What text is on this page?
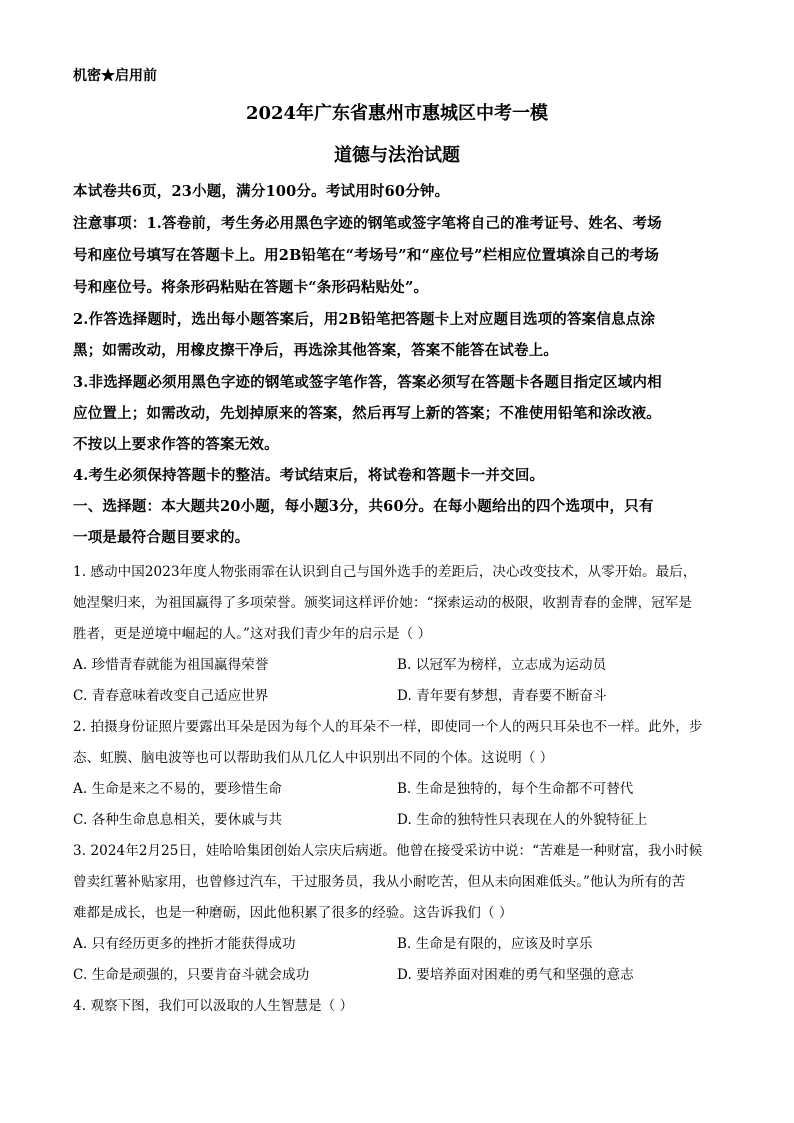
机密★启用前
2024年广东省惠州市惠城区中考一模
道德与法治试题
本试卷共6页，23小题，满分100分。考试用时60分钟。
注意事项：1.答卷前，考生务必用黑色字迹的钢笔或签字笔将自己的准考证号、姓名、考场
号和座位号填写在答题卡上。用2B铅笔在“考场号”和“座位号”栏相应位置填涂自己的考场
号和座位号。将条形码粘贴在答题卡“条形码粘贴处”。
2.作答选择题时，选出每小题答案后，用2B铅笔把答题卡上对应题目选项的答案信息点涂
黑；如需改动，用橡皮擦干净后，再选涂其他答案，答案不能答在试卷上。
3.非选择题必须用黑色字迹的钢笔或签字笔作答，答案必须写在答题卡各题目指定区域内相
应位置上；如需改动，先划掉原来的答案，然后再写上新的答案；不准使用铅笔和涂改液。
不按以上要求作答的答案无效。
4.考生必须保持答题卡的整洁。考试结束后，将试卷和答题卡一并交回。
一、选择题：本大题共20小题，每小题3分，共60分。在每小题给出的四个选项中，只有
一项是最符合题目要求的。
1. 感动中国2023年度人物张雨霏在认识到自己与国外选手的差距后，决心改变技术，从零开始。最后，
她涅槃归来，为祖国赢得了多项荣誉。颁奖词这样评价她：“探索运动的极限，收割青春的金牌，冠军是
胜者，更是逆境中崛起的人。”这对我们青少年的启示是（ ）
A. 珍惜青春就能为祖国赢得荣誉	B. 以冠军为榜样，立志成为运动员
C. 青春意味着改变自己适应世界	D. 青年要有梦想，青春要不断奋斗
2. 拍摄身份证照片要露出耳朵是因为每个人的耳朵不一样，即使同一个人的两只耳朵也不一样。此外，步
态、虹膜、脑电波等也可以帮助我们从几亿人中识别出不同的个体。这说明（ ）
A. 生命是来之不易的，要珍惜生命	B. 生命是独特的，每个生命都不可替代
C. 各种生命息息相关，要休戚与共	D. 生命的独特性只表现在人的外貌特征上
3. 2024年2月25日，娃哈哈集团创始人宗庆后病逝。他曾在接受采访中说：“苦难是一种财富，我小时候
曾卖红薯补贴家用，也曾修过汽车，干过服务员，我从小耐吃苦，但从未向困难低头。”他认为所有的苦
难都是成长，也是一种磨砺，因此他积累了很多的经验。这告诉我们（ ）
A. 只有经历更多的挫折才能获得成功	B. 生命是有限的，应该及时享乐
C. 生命是顽强的，只要肯奋斗就会成功	D. 要培养面对困难的勇气和坚强的意志
4. 观察下图，我们可以汲取的人生智慧是（ ）
